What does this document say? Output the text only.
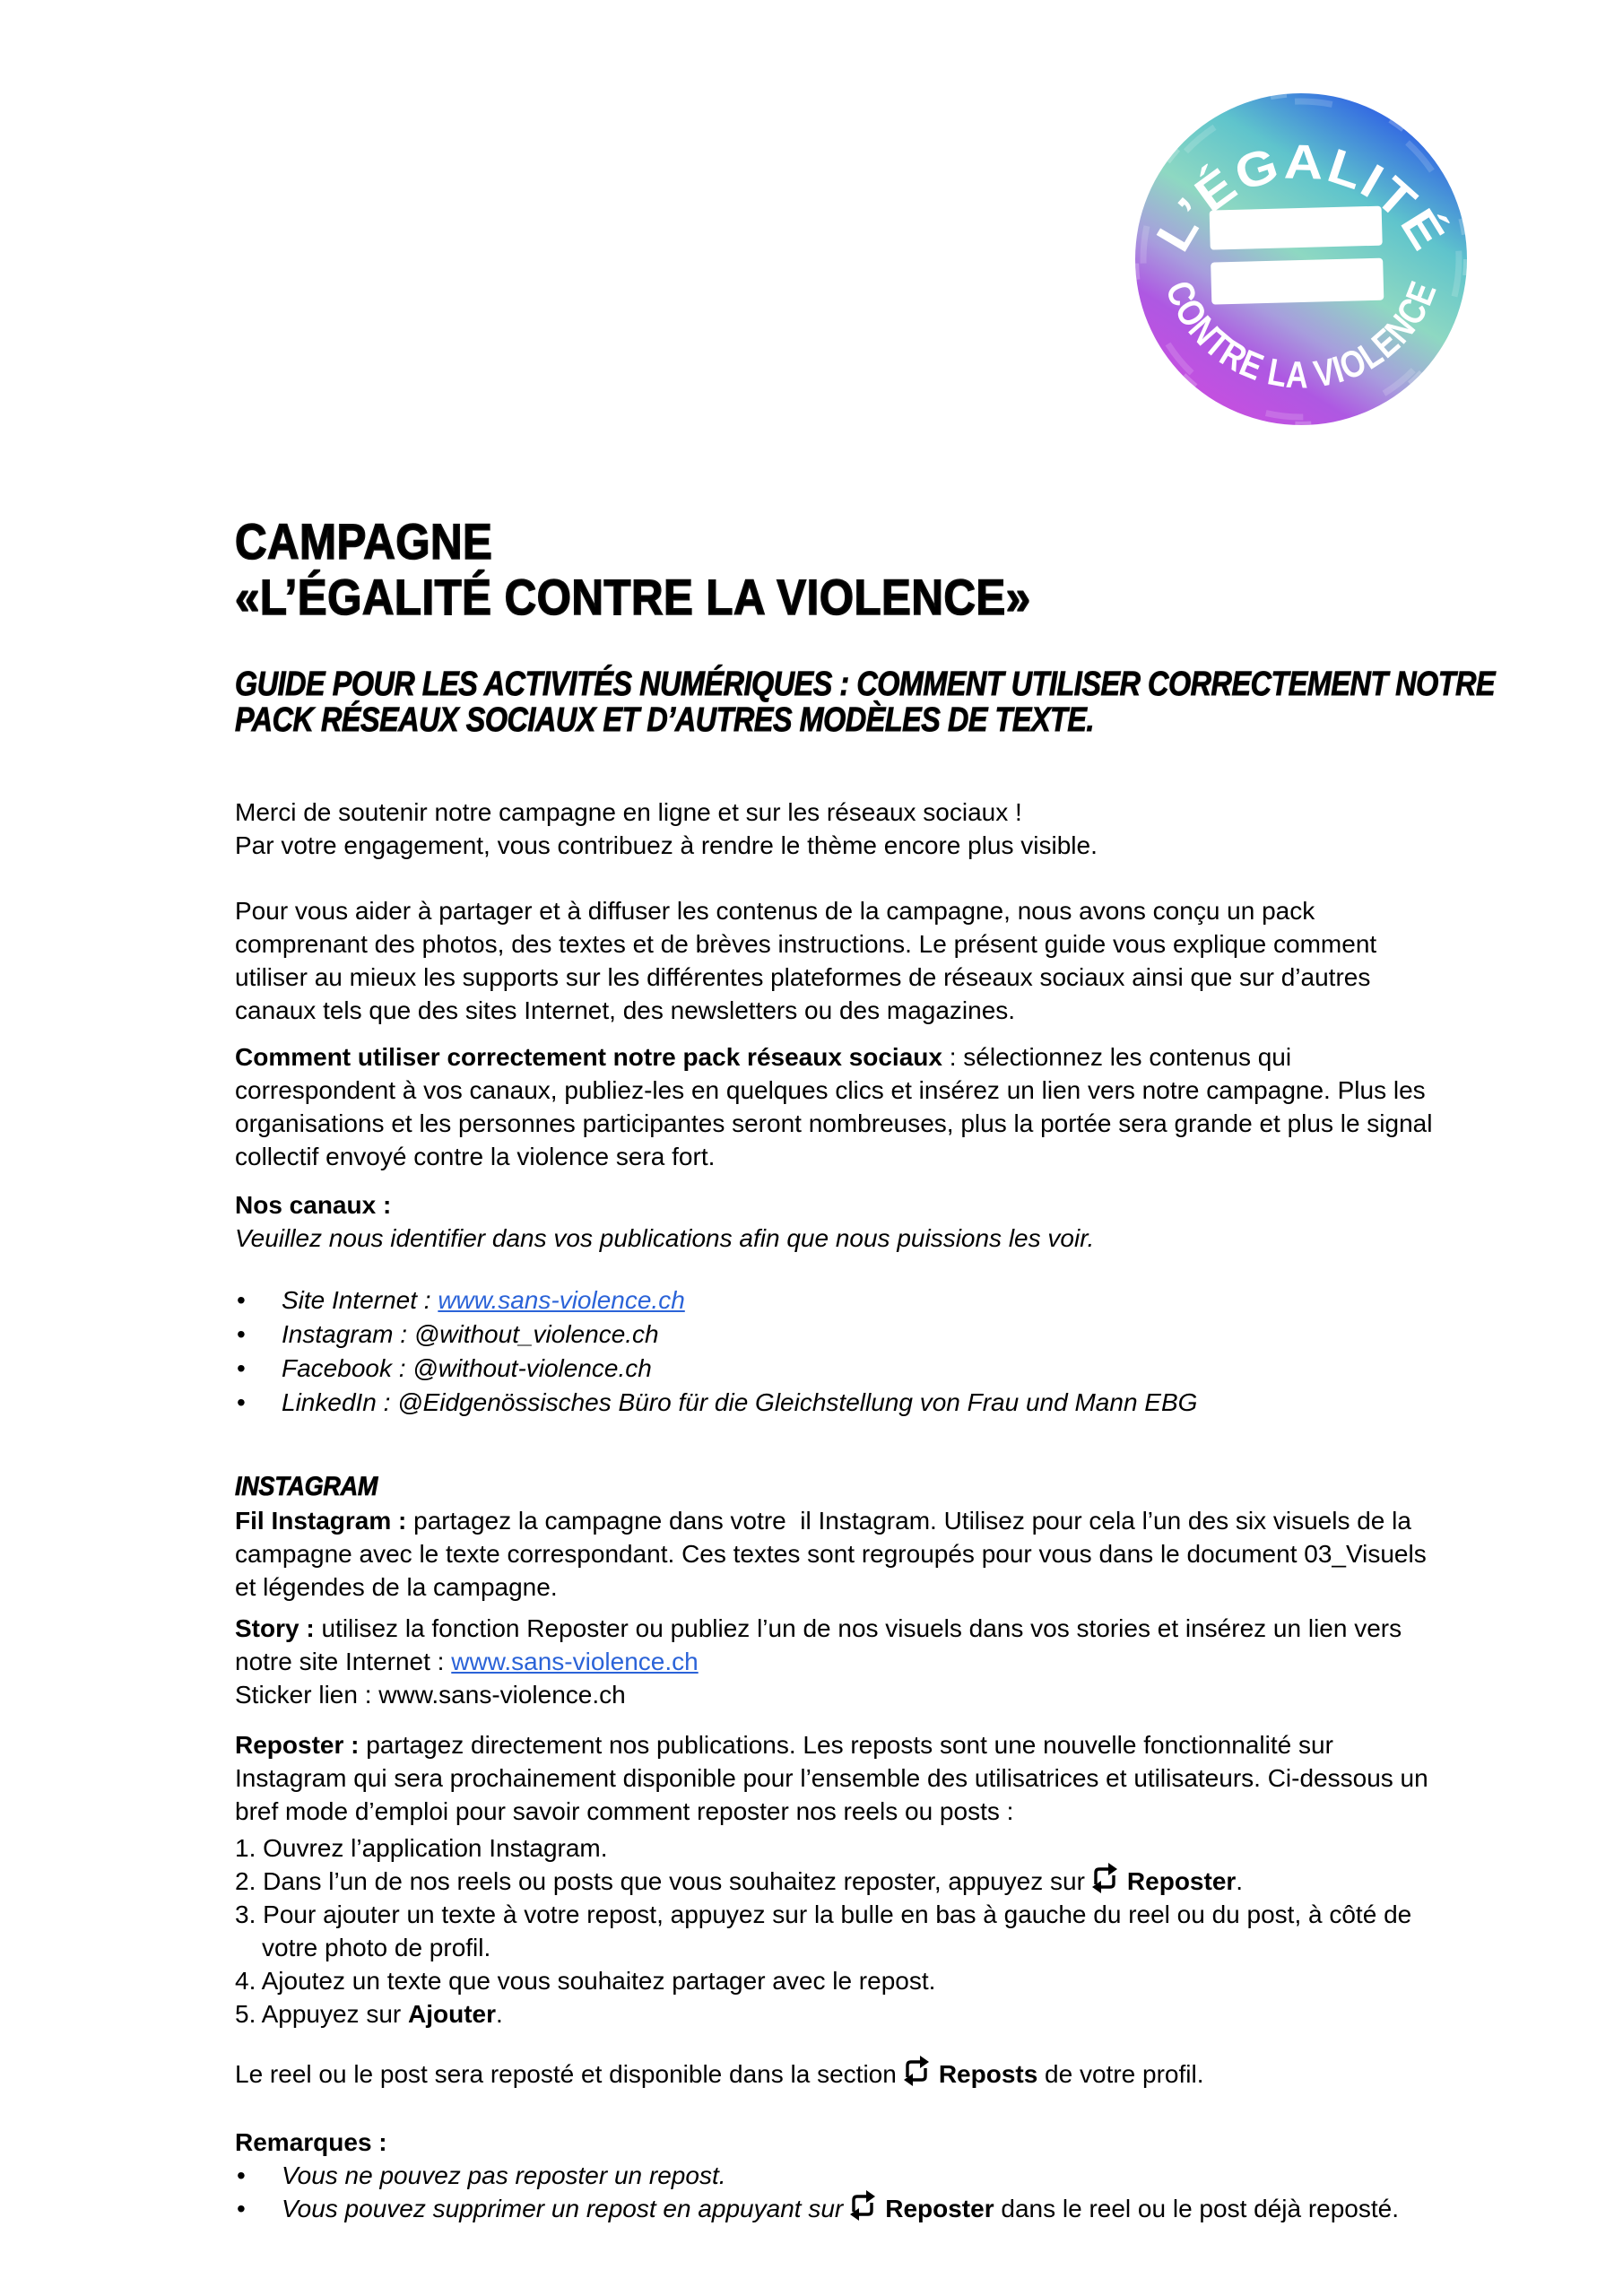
L’ÉGALITÉ
CONTRE LA VIOLENCE
CAMPAGNE
«L’ÉGALITÉ CONTRE LA VIOLENCE»
GUIDE POUR LES ACTIVITÉS NUMÉRIQUES : COMMENT UTILISER CORRECTEMENT NOTRE
PACK RÉSEAUX SOCIAUX ET D’AUTRES MODÈLES DE TEXTE.

Merci de soutenir notre campagne en ligne et sur les réseaux sociaux !
Par votre engagement, vous contribuez à rendre le thème encore plus visible.

Pour vous aider à partager et à diffuser les contenus de la campagne, nous avons conçu un pack comprenant des photos, des textes et de brèves instructions. Le présent guide vous explique comment utiliser au mieux les supports sur les différentes plateformes de réseaux sociaux ainsi que sur d’autres canaux tels que des sites Internet, des newsletters ou des magazines.

Comment utiliser correctement notre pack réseaux sociaux : sélectionnez les contenus qui correspondent à vos canaux, publiez-les en quelques clics et insérez un lien vers notre campagne. Plus les organisations et les personnes participantes seront nombreuses, plus la portée sera grande et plus le signal collectif envoyé contre la violence sera fort.

Nos canaux :
Veuillez nous identifier dans vos publications afin que nous puissions les voir.

• Site Internet : www.sans-violence.ch
• Instagram : @without_violence.ch
• Facebook : @without-violence.ch
• LinkedIn : @Eidgenössisches Büro für die Gleichstellung von Frau und Mann EBG
INSTAGRAM

Fil Instagram : partagez la campagne dans votre  il Instagram. Utilisez pour cela l’un des six visuels de la campagne avec le texte correspondant. Ces textes sont regroupés pour vous dans le document 03_Visuels et légendes de la campagne.

Story : utilisez la fonction Reposter ou publiez l’un de nos visuels dans vos stories et insérez un lien vers notre site Internet : www.sans-violence.ch
Sticker lien : www.sans-violence.ch

Reposter : partagez directement nos publications. Les reposts sont une nouvelle fonctionnalité sur Instagram qui sera prochainement disponible pour l’ensemble des utilisatrices et utilisateurs. Ci-dessous un bref mode d’emploi pour savoir comment reposter nos reels ou posts :

1. Ouvrez l’application Instagram.
2. Dans l’un de nos reels ou posts que vous souhaitez reposter, appuyez sur Reposter.
3. Pour ajouter un texte à votre repost, appuyez sur la bulle en bas à gauche du reel ou du post, à côté de votre photo de profil.
4. Ajoutez un texte que vous souhaitez partager avec le repost.
5. Appuyez sur Ajouter.

Le reel ou le post sera reposté et disponible dans la section Reposts de votre profil.

Remarques :

• Vous ne pouvez pas reposter un repost.
• Vous pouvez supprimer un repost en appuyant sur Reposter dans le reel ou le post déjà reposté.
